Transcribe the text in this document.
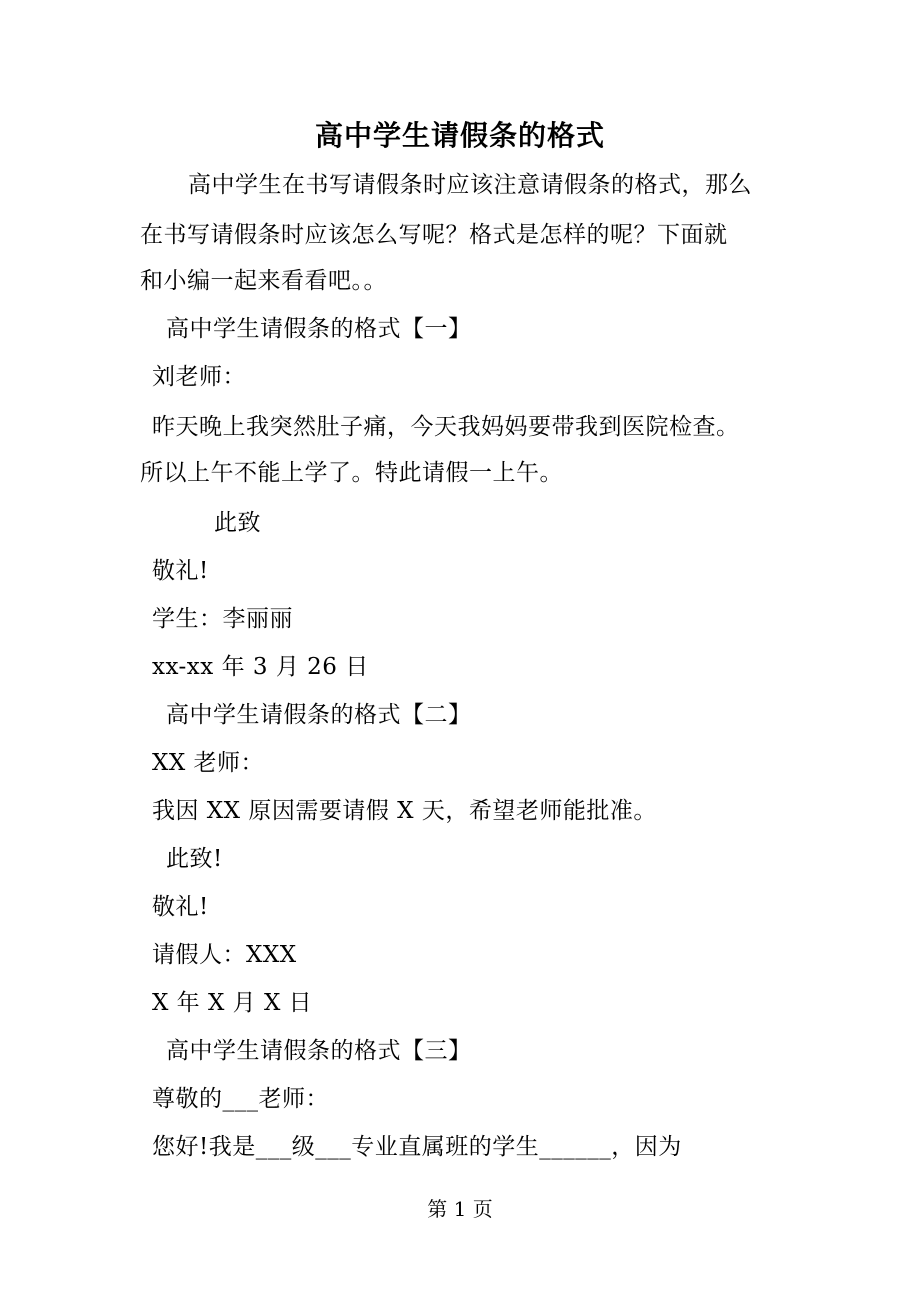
高中学生请假条的格式
高中学生在书写请假条时应该注意请假条的格式，那么
在书写请假条时应该怎么写呢？格式是怎样的呢？下面就
和小编一起来看看吧。。
高中学生请假条的格式【一】
刘老师：
昨天晚上我突然肚子痛，今天我妈妈要带我到医院检查。
所以上午不能上学了。特此请假一上午。
此致
敬礼!
学生：李丽丽
xx-xx 年 3 月 26 日
高中学生请假条的格式【二】
XX 老师：
我因 XX 原因需要请假 X 天，希望老师能批准。
此致!
敬礼!
请假人：XXX
X 年 X 月 X 日
高中学生请假条的格式【三】
尊敬的___老师：
您好!我是___级___专业直属班的学生______，因为
第 1 页
